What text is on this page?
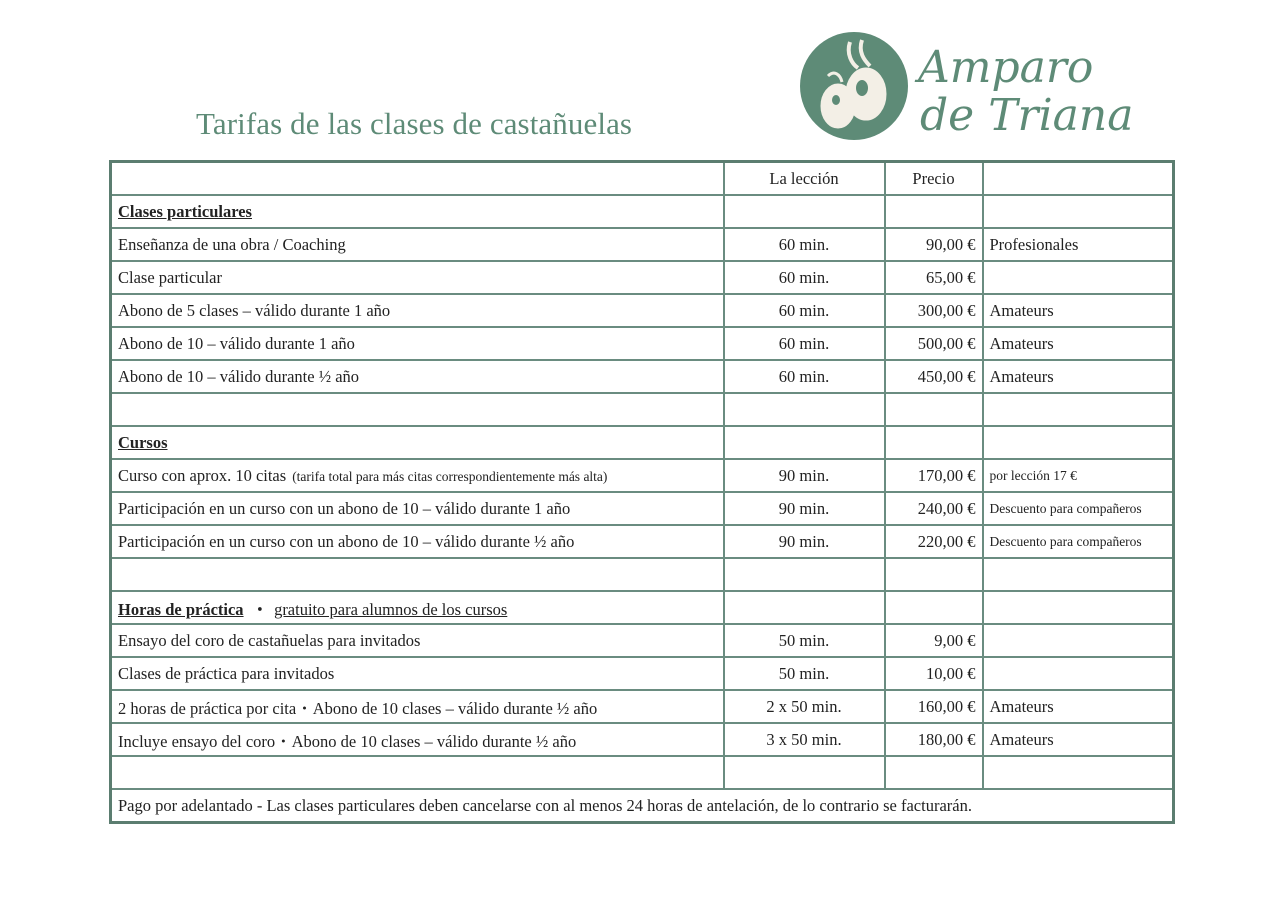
Tarifas de las clases de castañuelas
Amparo
de Triana
	La lección	Precio	
Clases particulares			
Enseñanza de una obra / Coaching	60 min.	90,00 €	Profesionales
Clase particular	60 min.	65,00 €	
Abono de 5 clases – válido durante 1 año	60 min.	300,00 €	Amateurs
Abono de 10 – válido durante 1 año	60 min.	500,00 €	Amateurs
Abono de 10 – válido durante ½ año	60 min.	450,00 €	Amateurs

Cursos			
Curso con aprox. 10 citas (tarifa total para más citas correspondientemente más alta)	90 min.	170,00 €	por lección 17 €
Participación en un curso con un abono de 10 – válido durante 1 año	90 min.	240,00 €	Descuento para compañeros
Participación en un curso con un abono de 10 – válido durante ½ año	90 min.	220,00 €	Descuento para compañeros

Horas de práctica ・ gratuito para alumnos de los cursos			
Ensayo del coro de castañuelas para invitados	50 min.	9,00 €	
Clases de práctica para invitados	50 min.	10,00 €	
2 horas de práctica por cita・Abono de 10 clases – válido durante ½ año	2 x 50 min.	160,00 €	Amateurs
Incluye ensayo del coro・Abono de 10 clases – válido durante ½ año	3 x 50 min.	180,00 €	Amateurs

Pago por adelantado - Las clases particulares deben cancelarse con al menos 24 horas de antelación, de lo contrario se facturarán.			
